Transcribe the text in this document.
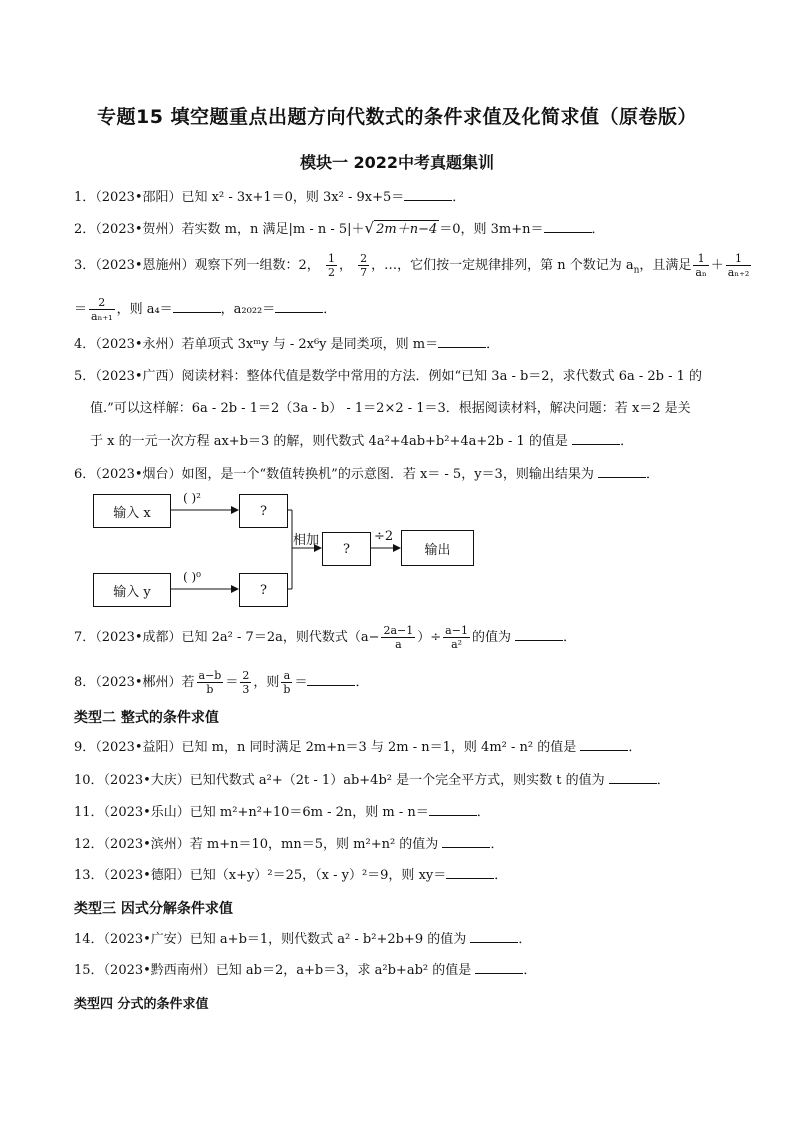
专题15 填空题重点出题方向代数式的条件求值及化简求值（原卷版）
模块一 2022中考真题集训
1．（2023•邵阳）已知 x² - 3x+1＝0，则 3x² - 9x+5＝	．
2．（2023•贺州）若实数 m，n 满足|m - n - 5|＋√ 2m＋n−4 ＝0，则 3m+n＝	．
3．（2023•恩施州）观察下列一组数：2， $\frac{1}{2}$ ， $\frac{2}{7}$ ，…，它们按一定规律排列，第 n 个数记为 $a_n$，且满足 $\frac{1}{\text{aₙ}} + \frac{1}{\text{aₙ₊₂}}$
＝ $\frac{2}{\text{aₙ₊₁}}$ ，则 a₄＝	，a₂₀₂₂＝	．
4．（2023•永州）若单项式 3xᵐy 与 - 2x⁶y 是同类项，则 m＝	．
5．（2023•广西）阅读材料：整体代值是数学中常用的方法．例如“已知 3a - b＝2，求代数式 6a - 2b - 1 的
值.”可以这样解：6a - 2b - 1＝2（3a - b） - 1＝2×2 - 1＝3．根据阅读材料，解决问题：若 x＝2 是关
于 x 的一元一次方程 ax+b＝3 的解，则代数式 4a²+4ab+b²+4a+2b - 1 的值是	．
6．（2023•烟台）如图，是一个“数值转换机”的示意图．若 x＝ - 5，y＝3，则输出结果为	．
输入 x
输入 y
?
?
?	输出
( )²
( )⁰
相加	÷2
7．（2023•成都）已知 2a² - 7＝2a，则代数式（$a- \frac{2a-1}{a}$ ）÷ $\frac{a-1}{\text{a²}}$ 的值为	．
8．（2023•郴州）若 $\frac{a-b}{b} = \frac{2}{3}$ ，则 $\frac{a}{b}$ ＝	．
类型二 整式的条件求值
9．（2023•益阳）已知 m，n 同时满足 2m+n＝3 与 2m - n＝1，则 4m² - n² 的值是	．
10．（2023•大庆）已知代数式 a²+（2t - 1）ab+4b² 是一个完全平方式，则实数 t 的值为	．
11．（2023•乐山）已知 m²+n²+10＝6m - 2n，则 m - n＝	．
12．（2023•滨州）若 m+n＝10，mn＝5，则 m²+n² 的值为	．
13．（2023•德阳）已知（x+y）²＝25，（x - y）²＝9，则 xy＝	．
类型三 因式分解条件求值
14．（2023•广安）已知 a+b＝1，则代数式 a² - b²+2b+9 的值为	．
15．（2023•黔西南州）已知 ab＝2，a+b＝3，求 a²b+ab² 的值是	．
类型四 分式的条件求值
